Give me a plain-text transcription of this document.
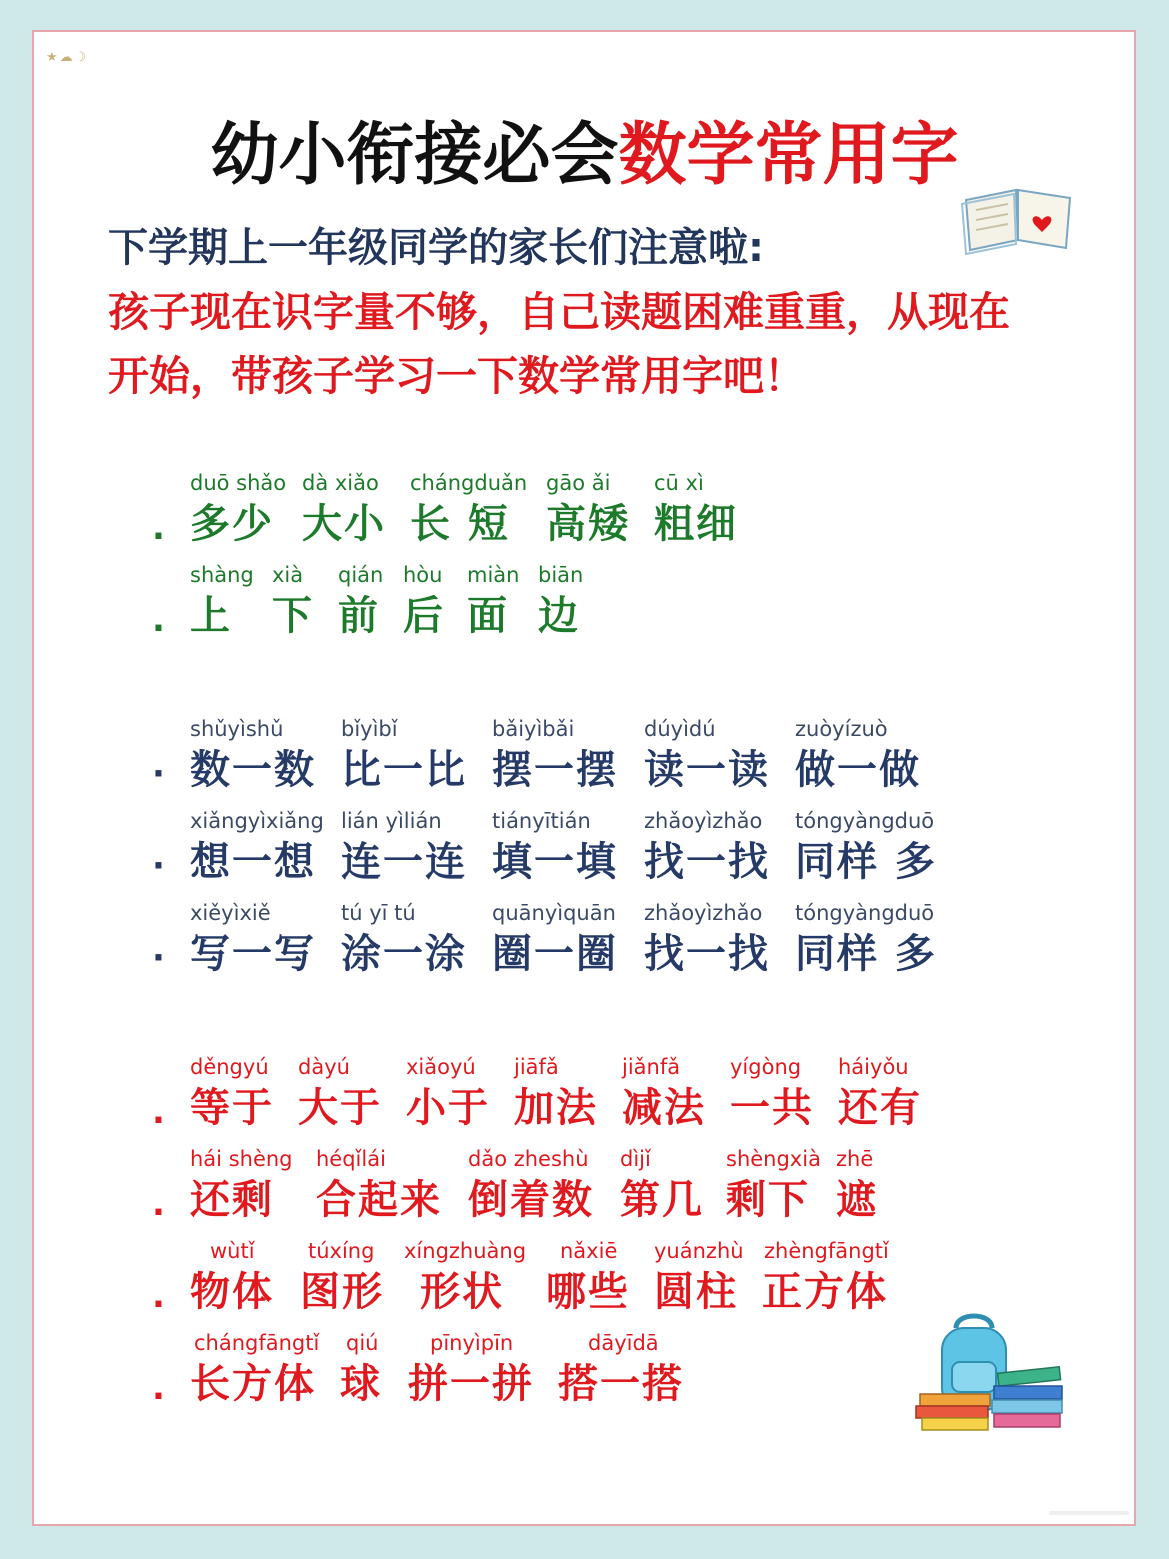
★☁☽
幼小衔接必会数学常用字
下学期上一年级同学的家长们注意啦:
孩子现在识字量不够，自己读题困难重重，从现在
开始，带孩子学习一下数学常用字吧！
.
duō shǎo
多少
dà xiǎo
大小
chángduǎn
长 短
gāo ǎi
高矮
cū xì
粗细
.
shàng
上
xià
下
qián
前
hòu
后
miàn
面
biān
边
·
shǔyìshǔ
数一数
bǐyìbǐ
比一比
bǎiyìbǎi
摆一摆
dúyìdú
读一读
zuòyízuò
做一做
·
xiǎngyìxiǎng
想一想
lián yìlián
连一连
tiányītián
填一填
zhǎoyìzhǎo
找一找
tóngyàngduō
同样 多
·
xiěyìxiě
写一写
tú yī tú
涂一涂
quānyìquān
圈一圈
zhǎoyìzhǎo
找一找
tóngyàngduō
同样 多
.
děngyú
等于
dàyú
大于
xiǎoyú
小于
jiāfǎ
加法
jiǎnfǎ
减法
yígòng
一共
háiyǒu
还有
.
hái shèng
还剩
héqǐlái
合起来
dǎo zheshù
倒着数
dìjǐ
第几
shèngxià
剩下
zhē
遮
.
wùtǐ
物体
túxíng
图形
xíngzhuàng
形状
nǎxiē
哪些
yuánzhù
圆柱
zhèngfāngtǐ
正方体
.
chángfāngtǐ
长方体
qiú
球
pīnyìpīn
拼一拼
dāyīdā
搭一搭
